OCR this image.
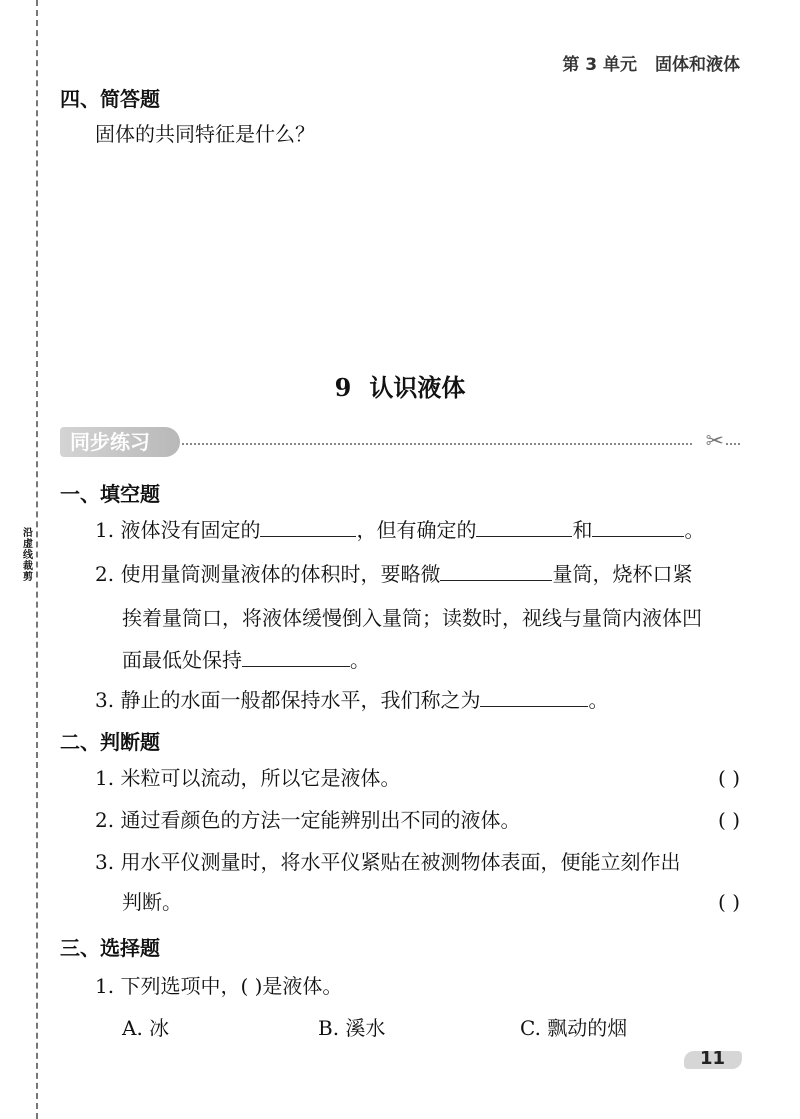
沿虚线裁剪
第 3 单元 固体和液体
四、简答题
固体的共同特征是什么？
9 认识液体
同步练习	✂
一、填空题
1. 液体没有固定的	，但有确定的	和	。
2. 使用量筒测量液体的体积时，要略微	量筒，烧杯口紧
挨着量筒口，将液体缓慢倒入量筒；读数时，视线与量筒内液体凹
面最低处保持	。
3. 静止的水面一般都保持水平，我们称之为	。
二、判断题
1. 米粒可以流动，所以它是液体。	( )
2. 通过看颜色的方法一定能辨别出不同的液体。	( )
3. 用水平仪测量时，将水平仪紧贴在被测物体表面，便能立刻作出
判断。	( )
三、选择题
1. 下列选项中，( )是液体。
A. 冰	B. 溪水	C. 飘动的烟
11
